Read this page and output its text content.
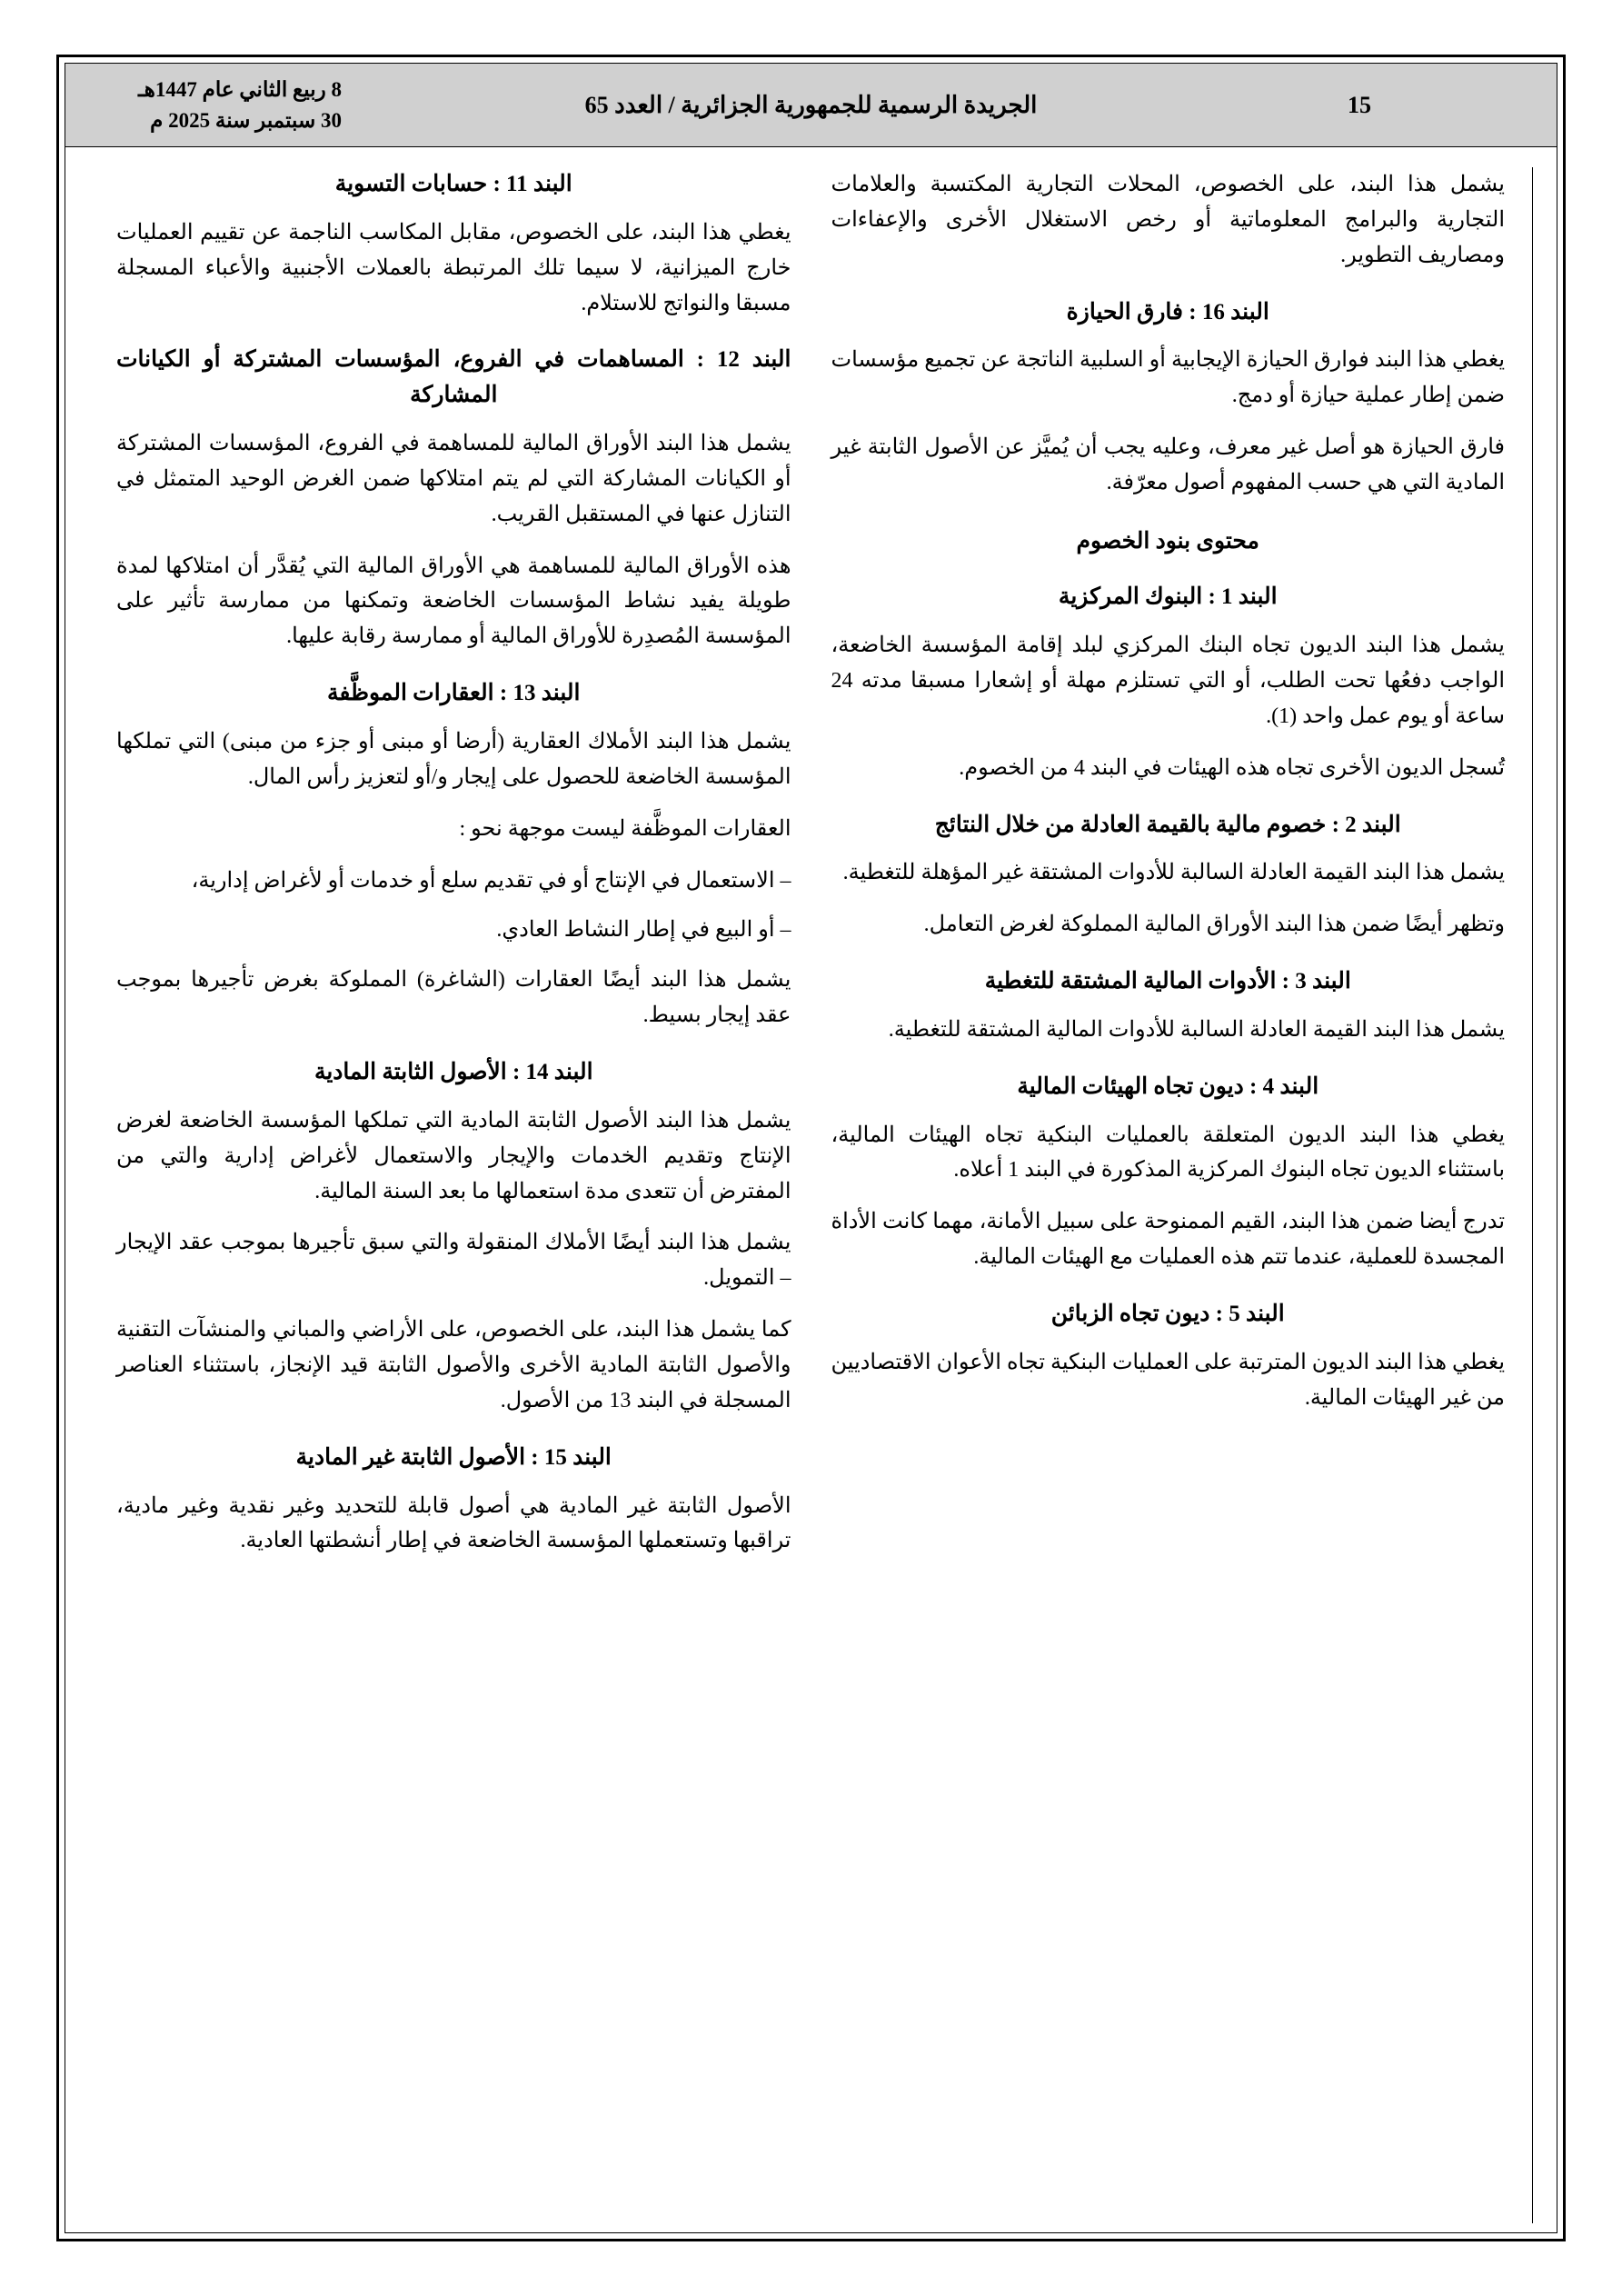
15
الجريدة الرسمية للجمهورية الجزائرية / العدد 65
8 ربيع الثاني عام 1447هـ
30 سبتمبر سنة 2025 م

يشمل هذا البند، على الخصوص، المحلات التجارية المكتسبة والعلامات التجارية والبرامج المعلوماتية أو رخص الاستغلال الأخرى والإعفاءات ومصاريف التطوير.

البند 16 : فارق الحيازة

يغطي هذا البند فوارق الحيازة الإيجابية أو السلبية الناتجة عن تجميع مؤسسات ضمن إطار عملية حيازة أو دمج.

فارق الحيازة هو أصل غير معرف، وعليه يجب أن يُميَّز عن الأصول الثابتة غير المادية التي هي حسب المفهوم أصول معرّفة.

محتوى بنود الخصوم
البند 1 : البنوك المركزية

يشمل هذا البند الديون تجاه البنك المركزي لبلد إقامة المؤسسة الخاضعة، الواجب دفعُها تحت الطلب، أو التي تستلزم مهلة أو إشعارا مسبقا مدته 24 ساعة أو يوم عمل واحد (1).

تُسجل الديون الأخرى تجاه هذه الهيئات في البند 4 من الخصوم.

البند 2 : خصوم مالية بالقيمة العادلة من خلال النتائج

يشمل هذا البند القيمة العادلة السالبة للأدوات المشتقة غير المؤهلة للتغطية.

وتظهر أيضًا ضمن هذا البند الأوراق المالية المملوكة لغرض التعامل.

البند 3 : الأدوات المالية المشتقة للتغطية

يشمل هذا البند القيمة العادلة السالبة للأدوات المالية المشتقة للتغطية.

البند 4 : ديون تجاه الهيئات المالية

يغطي هذا البند الديون المتعلقة بالعمليات البنكية تجاه الهيئات المالية، باستثناء الديون تجاه البنوك المركزية المذكورة في البند 1 أعلاه.

تدرج أيضا ضمن هذا البند، القيم الممنوحة على سبيل الأمانة، مهما كانت الأداة المجسدة للعملية، عندما تتم هذه العمليات مع الهيئات المالية.

البند 5 : ديون تجاه الزبائن

يغطي هذا البند الديون المترتبة على العمليات البنكية تجاه الأعوان الاقتصاديين من غير الهيئات المالية.

البند 11 : حسابات التسوية

يغطي هذا البند، على الخصوص، مقابل المكاسب الناجمة عن تقييم العمليات خارج الميزانية، لا سيما تلك المرتبطة بالعملات الأجنبية والأعباء المسجلة مسبقا والنواتج للاستلام.

البند 12 : المساهمات في الفروع، المؤسسات المشتركة أو الكيانات المشاركة

يشمل هذا البند الأوراق المالية للمساهمة في الفروع، المؤسسات المشتركة أو الكيانات المشاركة التي لم يتم امتلاكها ضمن الغرض الوحيد المتمثل في التنازل عنها في المستقبل القريب.

هذه الأوراق المالية للمساهمة هي الأوراق المالية التي يُقدَّر أن امتلاكها لمدة طويلة يفيد نشاط المؤسسات الخاضعة وتمكنها من ممارسة تأثير على المؤسسة المُصدِرة للأوراق المالية أو ممارسة رقابة عليها.

البند 13 : العقارات الموظَّفة

يشمل هذا البند الأملاك العقارية (أرضا أو مبنى أو جزء من مبنى) التي تملكها المؤسسة الخاضعة للحصول على إيجار و/أو لتعزيز رأس المال.

العقارات الموظَّفة ليست موجهة نحو :

– الاستعمال في الإنتاج أو في تقديم سلع أو خدمات أو لأغراض إدارية،

– أو البيع في إطار النشاط العادي.

يشمل هذا البند أيضًا العقارات (الشاغرة) المملوكة بغرض تأجيرها بموجب عقد إيجار بسيط.

البند 14 : الأصول الثابتة المادية

يشمل هذا البند الأصول الثابتة المادية التي تملكها المؤسسة الخاضعة لغرض الإنتاج وتقديم الخدمات والإيجار والاستعمال لأغراض إدارية والتي من المفترض أن تتعدى مدة استعمالها ما بعد السنة المالية.

يشمل هذا البند أيضًا الأملاك المنقولة والتي سبق تأجيرها بموجب عقد الإيجار – التمويل.

كما يشمل هذا البند، على الخصوص، على الأراضي والمباني والمنشآت التقنية والأصول الثابتة المادية الأخرى والأصول الثابتة قيد الإنجاز، باستثناء العناصر المسجلة في البند 13 من الأصول.

البند 15 : الأصول الثابتة غير المادية

الأصول الثابتة غير المادية هي أصول قابلة للتحديد وغير نقدية وغير مادية، تراقبها وتستعملها المؤسسة الخاضعة في إطار أنشطتها العادية.
